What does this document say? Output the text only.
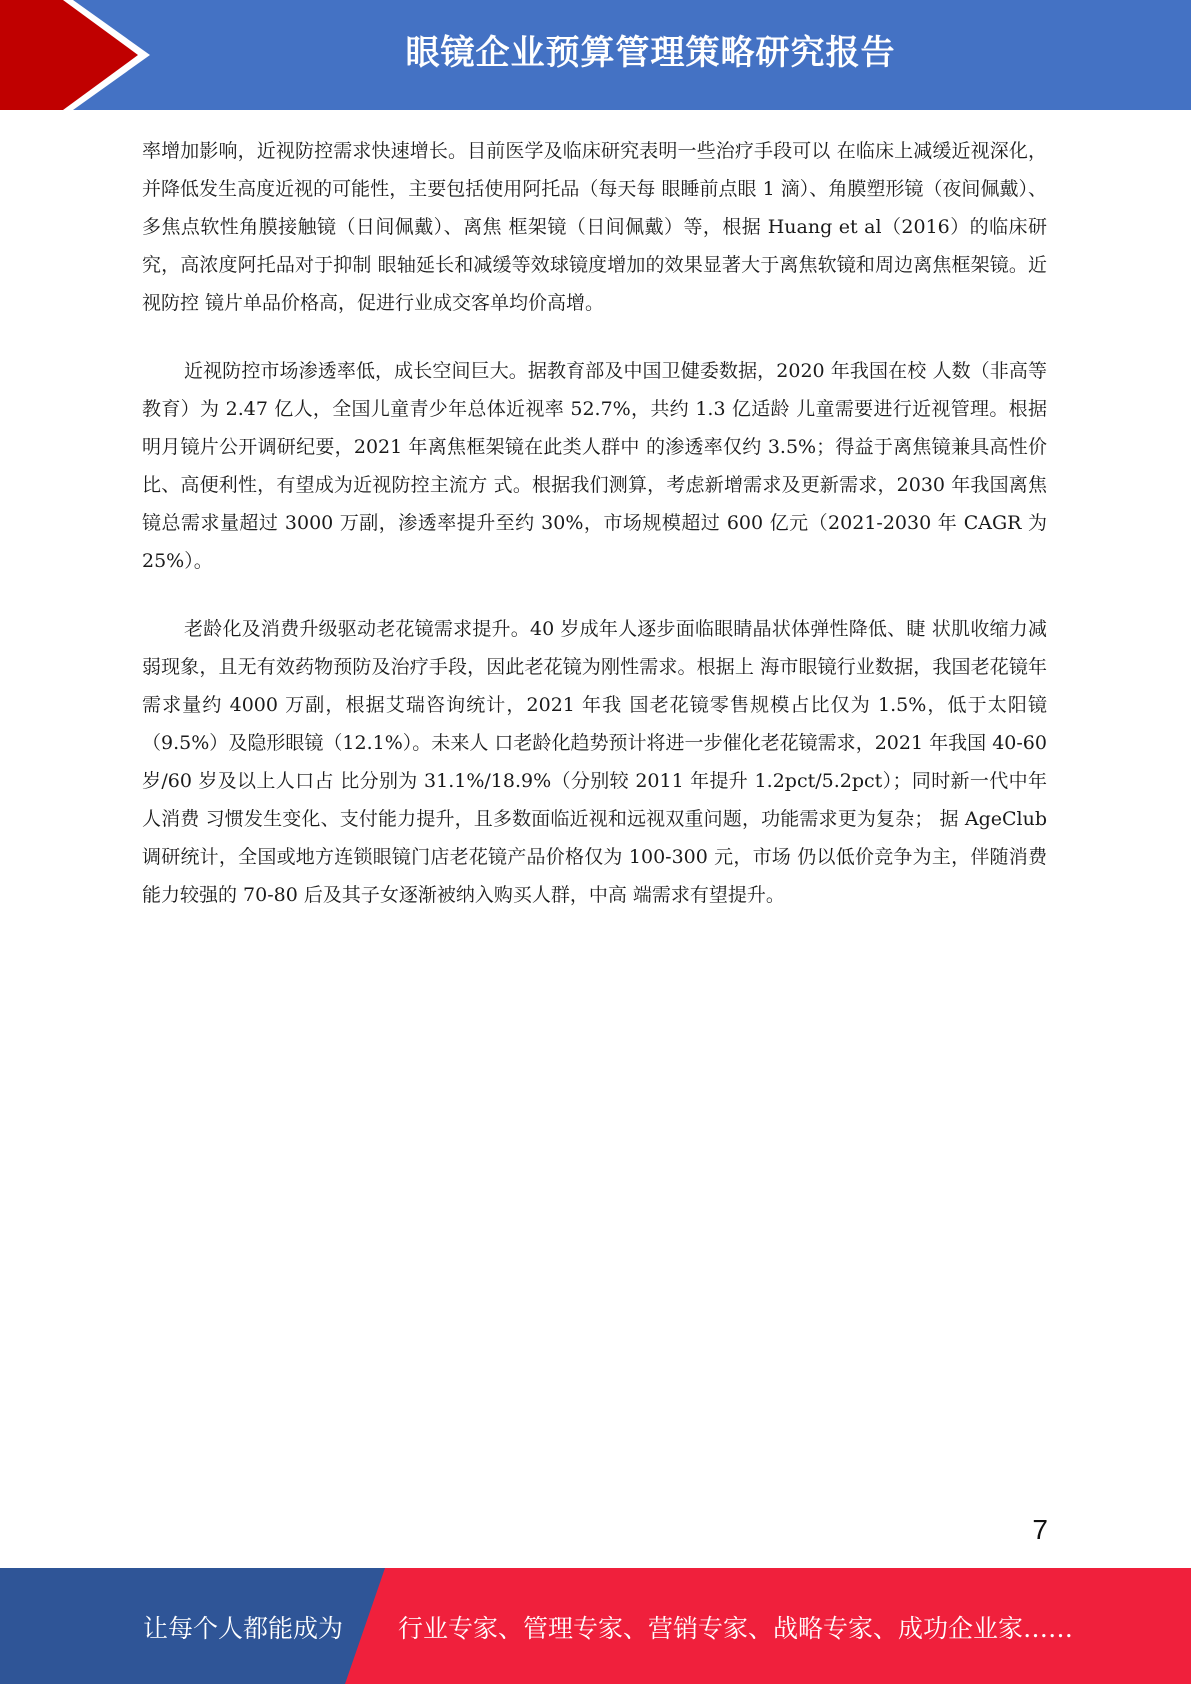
眼镜企业预算管理策略研究报告

率增加影响，近视防控需求快速增长。目前医学及临床研究表明一些治疗手段可以 在临床上减缓近视深化，并降低发生高度近视的可能性，主要包括使用阿托品（每天每 眼睡前点眼 1 滴）、角膜塑形镜（夜间佩戴）、多焦点软性角膜接触镜（日间佩戴）、离焦 框架镜（日间佩戴）等，根据 Huang et al（2016）的临床研究，高浓度阿托品对于抑制 眼轴延长和减缓等效球镜度增加的效果显著大于离焦软镜和周边离焦框架镜。近视防控 镜片单品价格高，促进行业成交客单均价高增。

近视防控市场渗透率低，成长空间巨大。据教育部及中国卫健委数据，2020 年我国在校 人数（非高等教育）为 2.47 亿人，全国儿童青少年总体近视率 52.7%，共约 1.3 亿适龄 儿童需要进行近视管理。根据明月镜片公开调研纪要，2021 年离焦框架镜在此类人群中 的渗透率仅约 3.5%；得益于离焦镜兼具高性价比、高便利性，有望成为近视防控主流方 式。根据我们测算，考虑新增需求及更新需求，2030 年我国离焦镜总需求量超过 3000 万副，渗透率提升至约 30%，市场规模超过 600 亿元（2021-2030 年 CAGR 为 25%）。

老龄化及消费升级驱动老花镜需求提升。40 岁成年人逐步面临眼睛晶状体弹性降低、睫 状肌收缩力减弱现象，且无有效药物预防及治疗手段，因此老花镜为刚性需求。根据上 海市眼镜行业数据，我国老花镜年需求量约 4000 万副，根据艾瑞咨询统计，2021 年我 国老花镜零售规模占比仅为 1.5%，低于太阳镜（9.5%）及隐形眼镜（12.1%）。未来人 口老龄化趋势预计将进一步催化老花镜需求，2021 年我国 40-60 岁/60 岁及以上人口占 比分别为 31.1%/18.9%（分别较 2011 年提升 1.2pct/5.2pct）；同时新一代中年人消费 习惯发生变化、支付能力提升，且多数面临近视和远视双重问题，功能需求更为复杂； 据 AgeClub 调研统计，全国或地方连锁眼镜门店老花镜产品价格仅为 100-300 元，市场 仍以低价竞争为主，伴随消费能力较强的 70-80 后及其子女逐渐被纳入购买人群，中高 端需求有望提升。

7
让每个人都能成为 行业专家、管理专家、营销专家、战略专家、成功企业家……
